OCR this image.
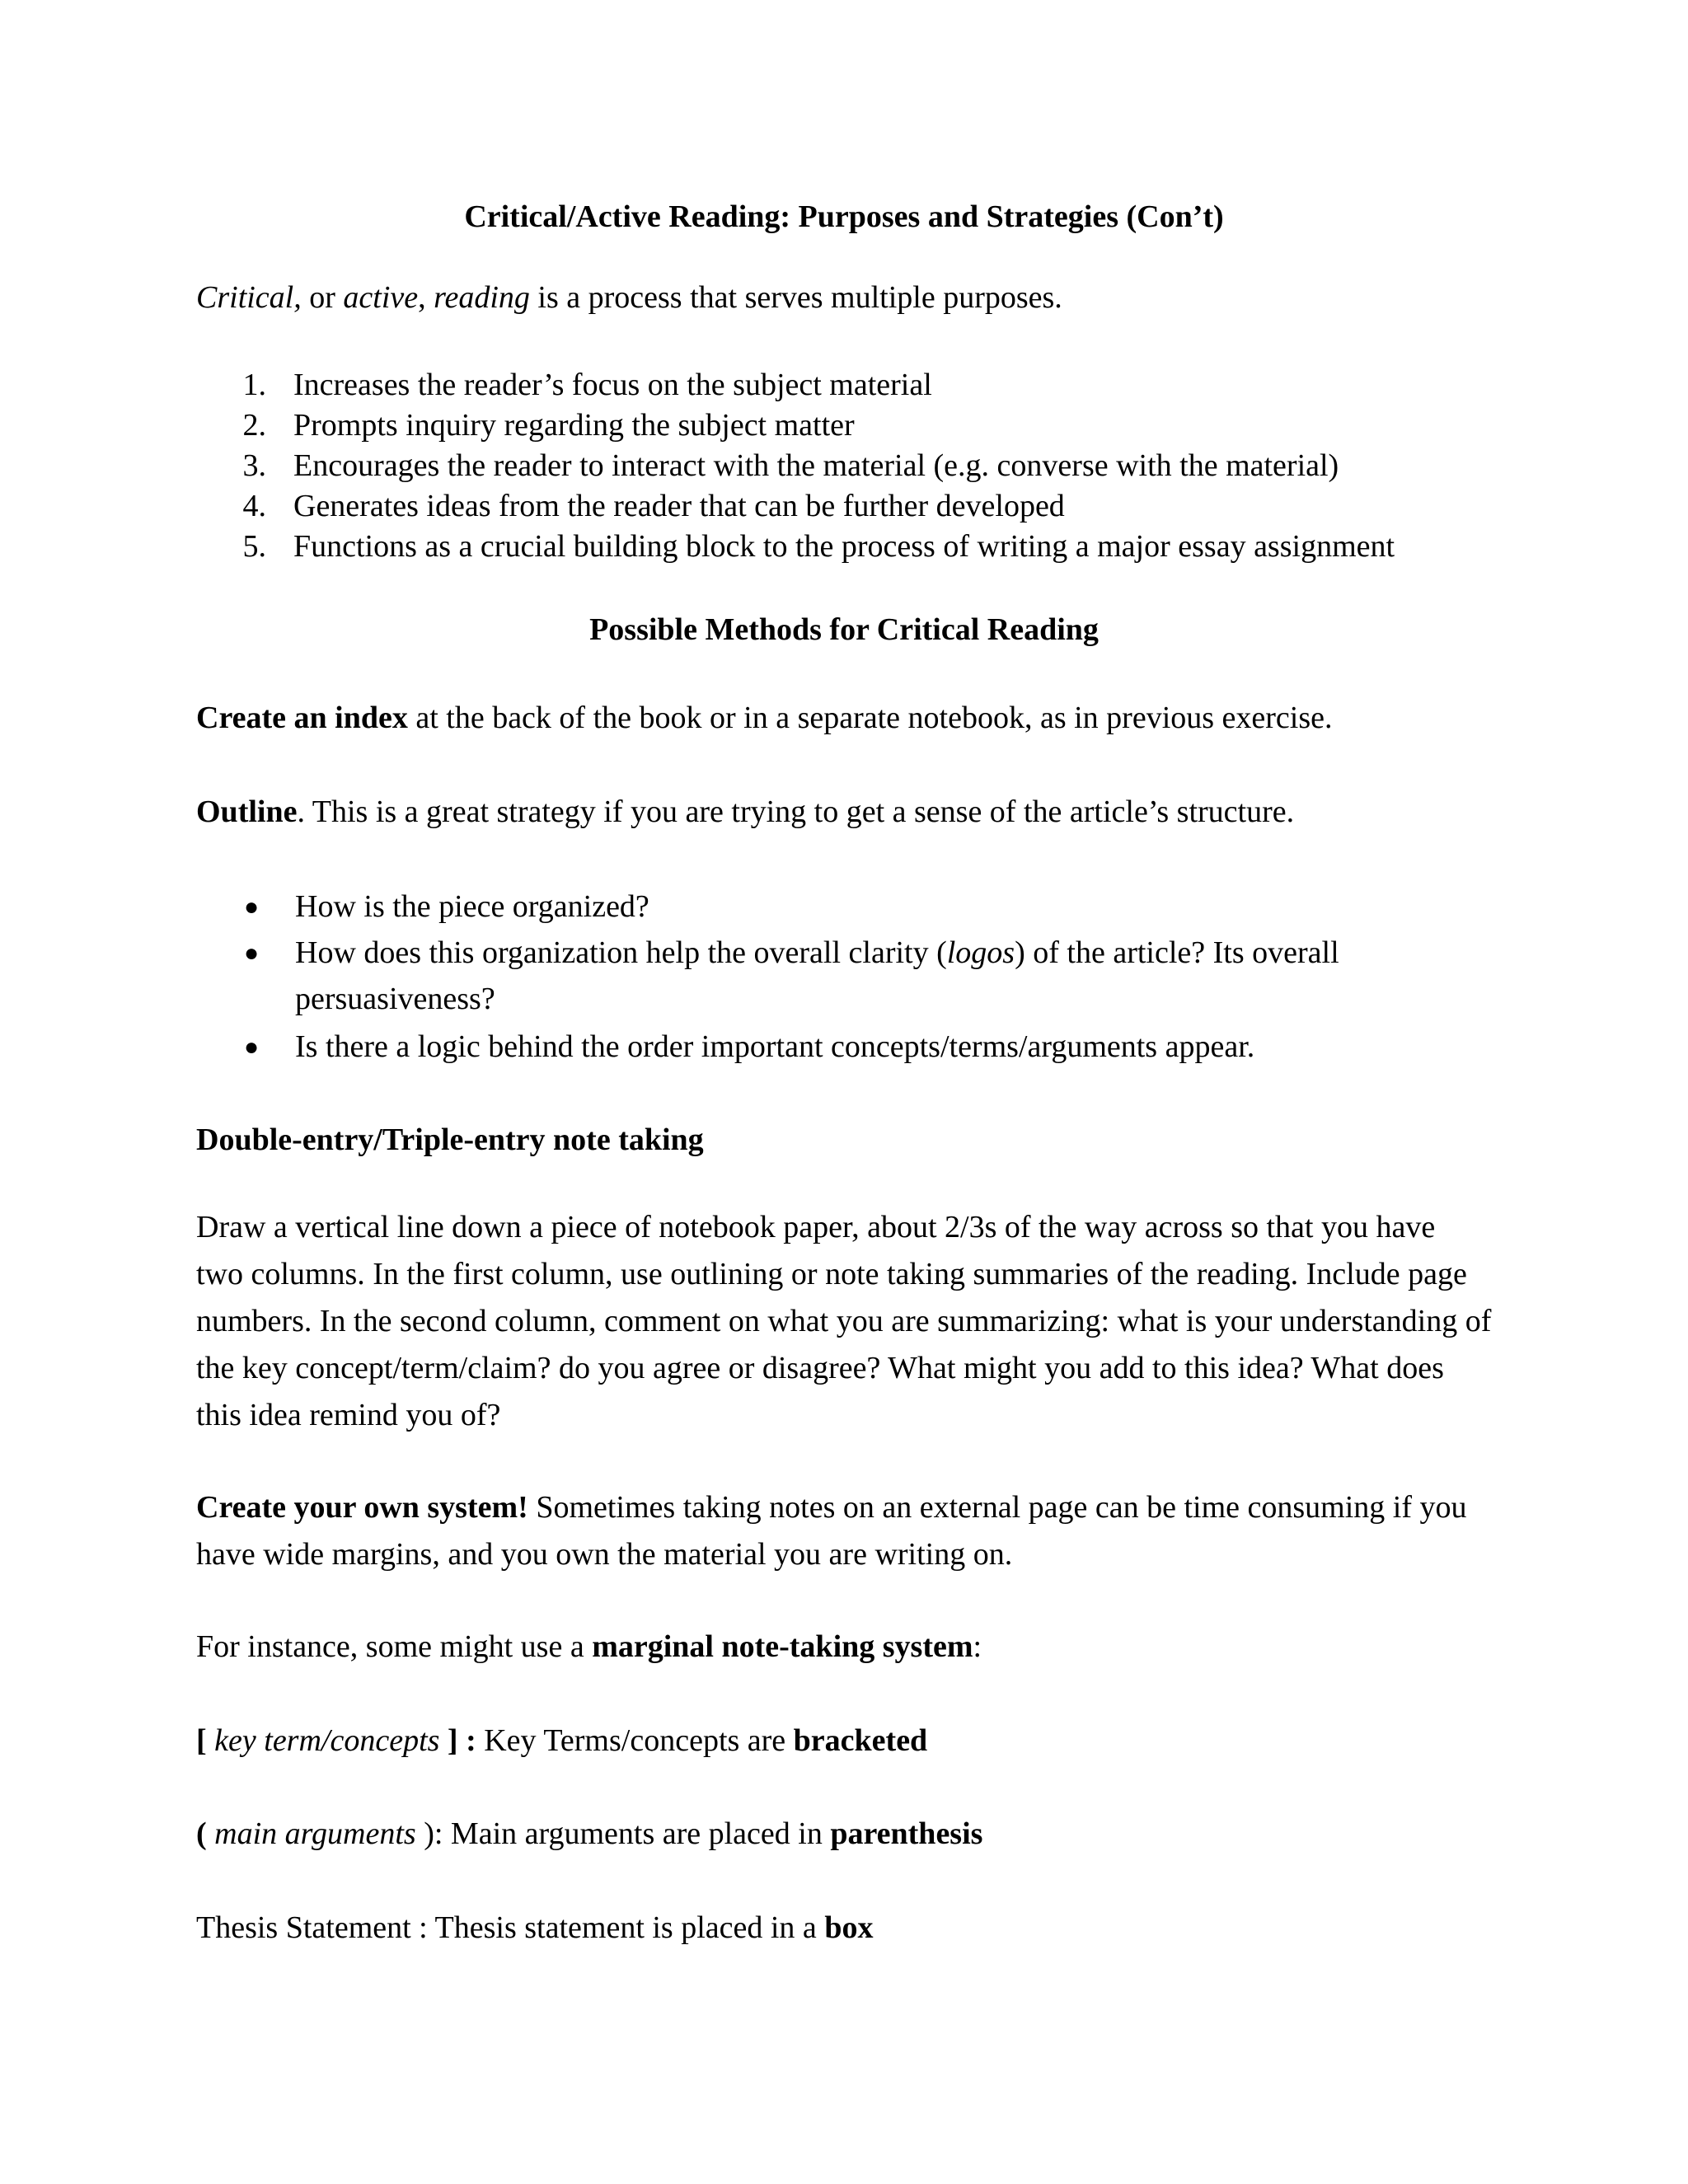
Critical/Active Reading: Purposes and Strategies (Con’t)
Critical, or active, reading is a process that serves multiple purposes.
1. Increases the reader’s focus on the subject material
2. Prompts inquiry regarding the subject matter
3. Encourages the reader to interact with the material (e.g. converse with the material)
4. Generates ideas from the reader that can be further developed
5. Functions as a crucial building block to the process of writing a major essay assignment
Possible Methods for Critical Reading
Create an index at the back of the book or in a separate notebook, as in previous exercise.
Outline. This is a great strategy if you are trying to get a sense of the article’s structure.
● How is the piece organized?
● How does this organization help the overall clarity (logos) of the article? Its overall
persuasiveness?
● Is there a logic behind the order important concepts/terms/arguments appear.
Double-entry/Triple-entry note taking
Draw a vertical line down a piece of notebook paper, about 2/3s of the way across so that you have
two columns. In the first column, use outlining or note taking summaries of the reading. Include page
numbers. In the second column, comment on what you are summarizing: what is your understanding of
the key concept/term/claim? do you agree or disagree? What might you add to this idea? What does
this idea remind you of?
Create your own system! Sometimes taking notes on an external page can be time consuming if you
have wide margins, and you own the material you are writing on.
For instance, some might use a marginal note-taking system:
[ key term/concepts ] : Key Terms/concepts are bracketed
( main arguments ): Main arguments are placed in parenthesis
Thesis Statement : Thesis statement is placed in a box
